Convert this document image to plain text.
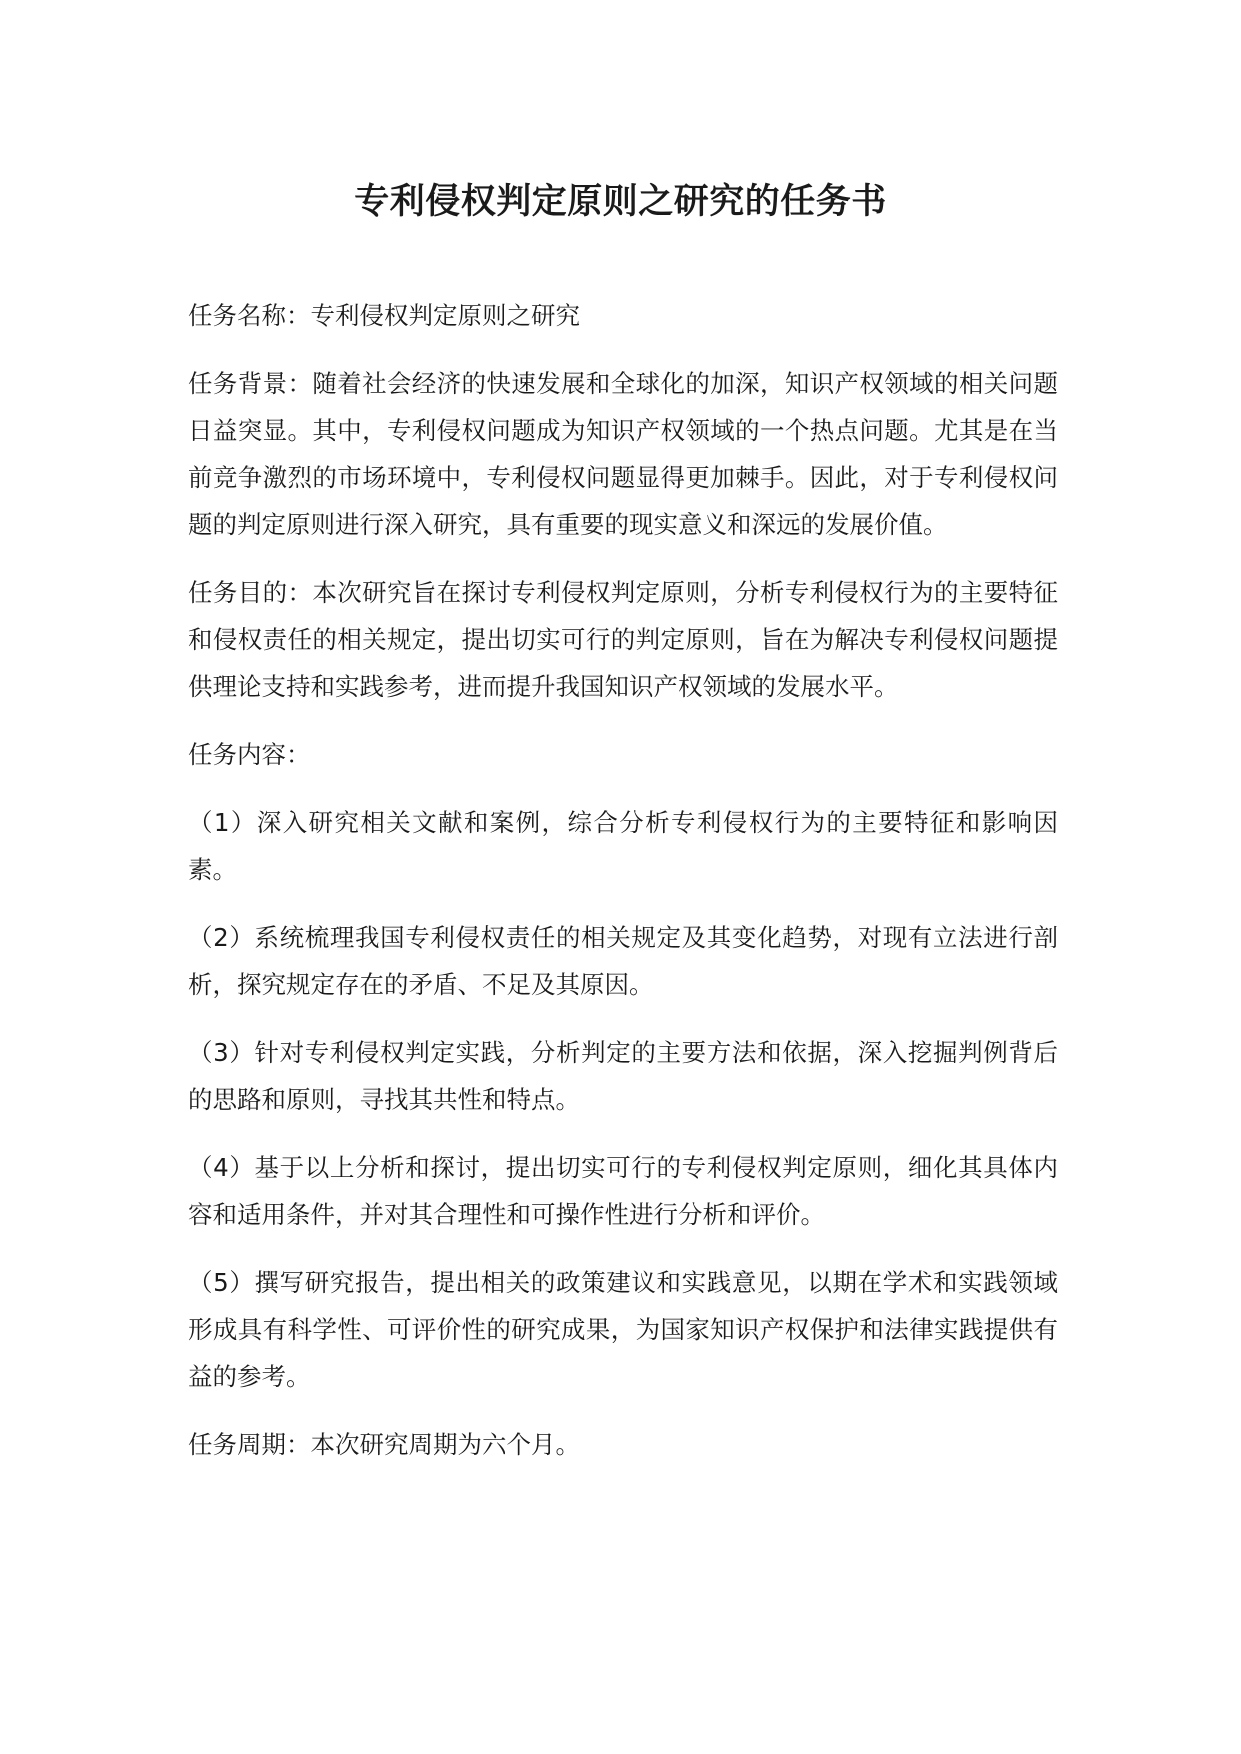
专利侵权判定原则之研究的任务书

任务名称：专利侵权判定原则之研究

任务背景：随着社会经济的快速发展和全球化的加深，知识产权领域的相关问题日益突显。其中，专利侵权问题成为知识产权领域的一个热点问题。尤其是在当前竞争激烈的市场环境中，专利侵权问题显得更加棘手。因此，对于专利侵权问题的判定原则进行深入研究，具有重要的现实意义和深远的发展价值。

任务目的：本次研究旨在探讨专利侵权判定原则，分析专利侵权行为的主要特征和侵权责任的相关规定，提出切实可行的判定原则，旨在为解决专利侵权问题提供理论支持和实践参考，进而提升我国知识产权领域的发展水平。

任务内容：

（1）深入研究相关文献和案例，综合分析专利侵权行为的主要特征和影响因素。

（2）系统梳理我国专利侵权责任的相关规定及其变化趋势，对现有立法进行剖析，探究规定存在的矛盾、不足及其原因。

（3）针对专利侵权判定实践，分析判定的主要方法和依据，深入挖掘判例背后的思路和原则，寻找其共性和特点。

（4）基于以上分析和探讨，提出切实可行的专利侵权判定原则，细化其具体内容和适用条件，并对其合理性和可操作性进行分析和评价。

（5）撰写研究报告，提出相关的政策建议和实践意见，以期在学术和实践领域形成具有科学性、可评价性的研究成果，为国家知识产权保护和法律实践提供有益的参考。

任务周期：本次研究周期为六个月。
